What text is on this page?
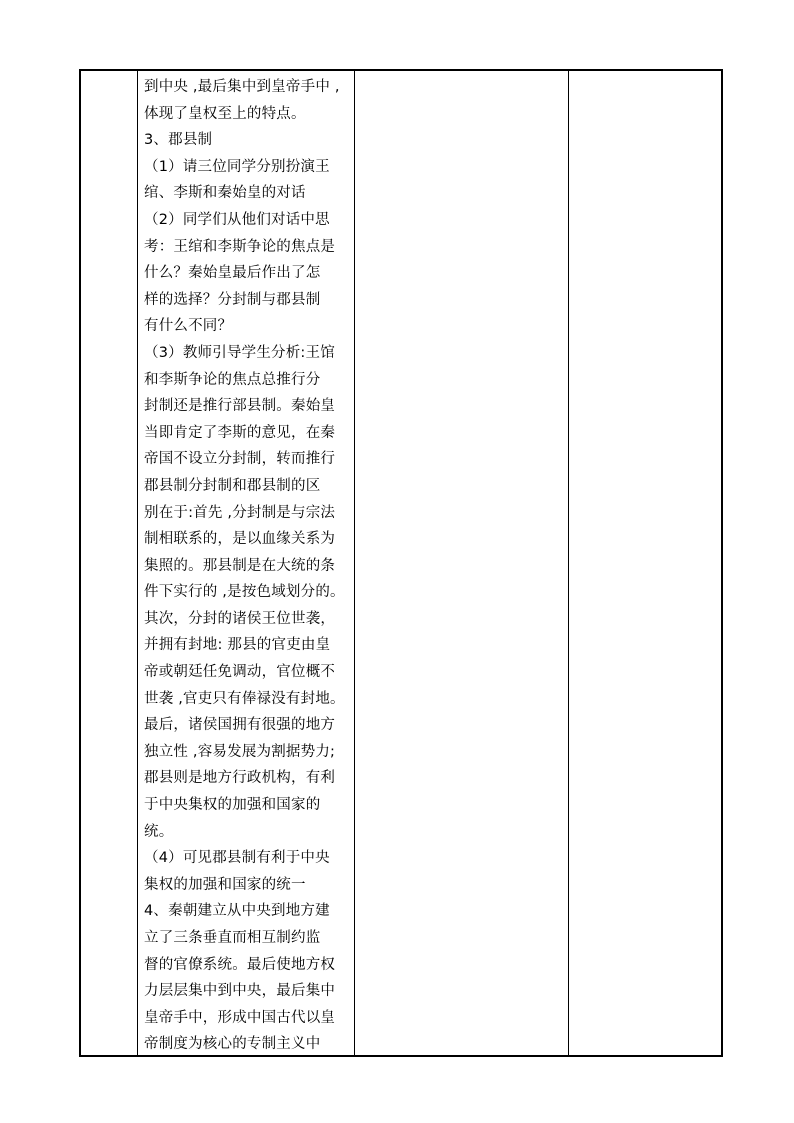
到中央 ,最后集中到皇帝手中 ,
体现了皇权至上的特点。
3、郡县制
（1）请三位同学分别扮演王
绾、李斯和秦始皇的对话
（2）同学们从他们对话中思
考：王绾和李斯争论的焦点是
什么？秦始皇最后作出了怎
样的选择？分封制与郡县制
有什么不同？
（3）教师引导学生分析:王馆
和李斯争论的焦点总推行分
封制还是推行部县制。秦始皇
当即肯定了李斯的意见，在秦
帝国不设立分封制，转而推行
郡县制分封制和郡县制的区
别在于:首先 ,分封制是与宗法
制相联系的，是以血缘关系为
集照的。那县制是在大统的条
件下实行的 ,是按色域划分的。
其次，分封的诸侯王位世袭，
并拥有封地: 那县的官吏由皇
帝或朝廷任免调动，官位概不
世袭 ,官吏只有俸禄没有封地。
最后，诸侯国拥有很强的地方
独立性 ,容易发展为割据势力;
郡县则是地方行政机构，有利
于中央集权的加强和国家的
统。
（4）可见郡县制有利于中央
集权的加强和国家的统一
4、秦朝建立从中央到地方建
立了三条垂直而相互制约监
督的官僚系统。最后使地方权
力层层集中到中央，最后集中
皇帝手中，形成中国古代以皇
帝制度为核心的专制主义中
